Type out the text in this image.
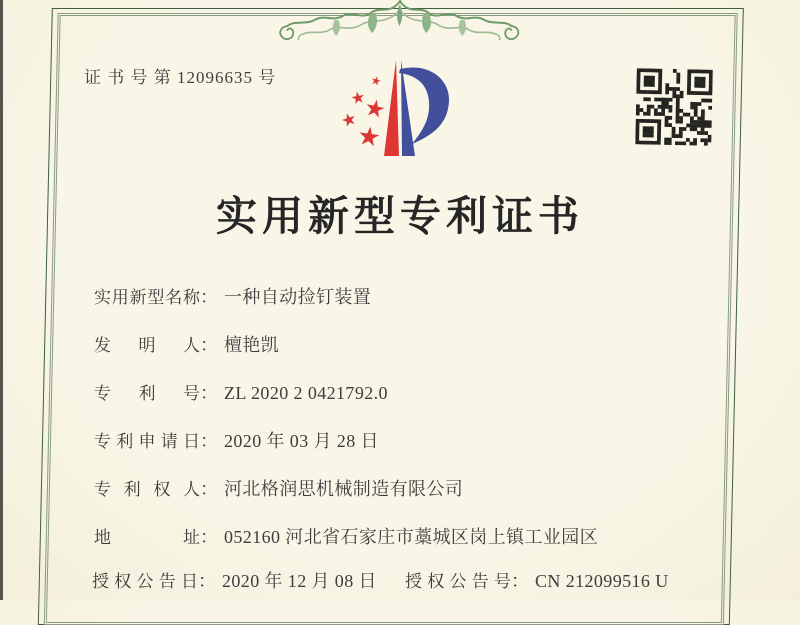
证 书 号 第 12096635 号
实用新型专利证书
实用新型名称： 一种自动捡钉装置
发明人： 檀艳凯
专利号： ZL 2020 2 0421792.0
专利申请日： 2020 年 03 月 28 日
专利权人： 河北格润思机械制造有限公司
地址： 052160 河北省石家庄市藁城区岗上镇工业园区
授权公告日： 2020 年 12 月 08 日 授权公告号： CN 212099516 U
